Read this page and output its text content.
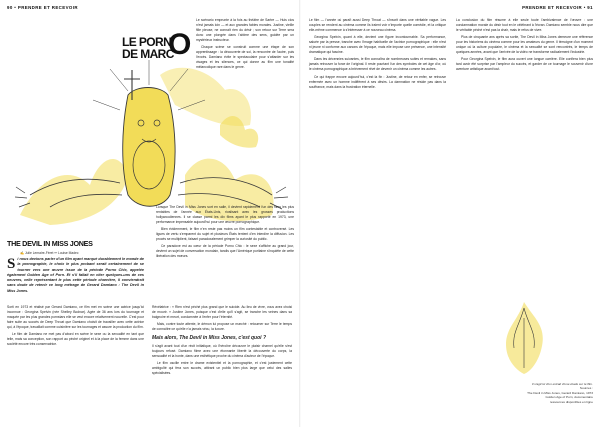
90 • PRENDRE ET RECEVOIR	PRENDRE ET RECEVOIR • 91
LE PORN
DE MARC
O
THE DEVIL IN MISS JONES
✍ Julie Lemaire-Féret ✏ Louise Madec
Si nous devions parler d'un film ayant marqué durablement le monde de la pornographie, le choix le plus probant serait certainement de se tourner vers une œuvre issue de la période Porno Chic, appelée également Golden Age of Porn. Et s'il fallait en citer quelques-uns de ces oeuvres, celle représentant le plus cette période charnière, il conviendrait sans doute de retenir ce long métrage de Gerard Damiano : The Devil in Miss Jones.

Sorti en 1973 et réalisé par Gerard Damiano, ce film met en scène une actrice jusqu'ici inconnue : Georgina Spelvin (née Shelley Bodnar). Agée de 36 ans lors du tournage et maquée par les plus grandes pornstars elle se veut encore relativement nouvelle. C'est pour faire suite au succès de Deep Throat que Damiano choisit de travailler avec cette actrice qui, à l'époque, travaillait comme cuisinière sur les tournages et assure la production du film.

Le film de Damiano ne met pas d'abord en scène le sexe ou la sexualité en tant que telle, mais sa conception, son rapport au péché originel et à la place de la femme dans une société encore très conservatrice.

Révélatrice : « Rien n'est péché plus grand que le suicide. Au lieu de vivre, vous avez choisi de mourir. » Justine Jones, puisque c'est d'elle qu'il s'agit, se tranche les veines dans sa baignoire et meurt, condamnée à l'enfer pour l'éternité.

Mais, contre toute attente, le démon lui propose un marché : retourner sur Terre le temps de connaître ce qu'elle n'a jamais vécu, la luxure.

Mais alors, The Devil in Miss Jones, c'est quoi ?

Il s'agit avant tout d'un récit initiatique, où l'héroïne découvre le plaisir charnel qu'elle s'est toujours refusé. Damiano filme avec une étonnante liberté la découverte du corps, la sensualité et la honte, dans une esthétique proche du cinéma d'auteur de l'époque.

Le film oscille entre le drame existentiel et la pornographie, et c'est justement cette ambiguïté qui fera son succès, attirant un public bien plus large que celui des salles spécialisées.

Le scénario emprunte à la fois au théâtre de Sartre — Huis clos n'est jamais loin — et aux grandes fables morales. Justine, vieille fille pieuse, ne connaît rien du désir ; son retour sur Terre sera donc une plongée dans l'abîme des sens, guidée par un mystérieux instructeur.

Chaque scène se construit comme une étape de son apprentissage : la découverte de soi, la rencontre de l'autre, puis l'excès. Damiano évite le spectaculaire pour s'attarder sur les visages et les silences, ce qui donne au film une tonalité mélancolique rare dans le genre.

Lorsque The Devil in Miss Jones sort en salle, il devient rapidement l'un des films les plus rentables de l'année aux États-Unis, rivalisant avec les grosses productions hollywoodiennes. Il se classe parmi les dix films ayant le plus rapporté en 1973, une performance impensable aujourd'hui pour une œuvre pornographique.

Bien évidemment, le film n'en reste pas moins un film contestable et controversé. Les ligues de vertu s'emparent du sujet et plusieurs États tentent d'en interdire la diffusion. Les procès se multiplient, faisant paradoxalement grimper la curiosité du public.

Ce paradoxe est au cœur de la période Porno Chic : le sexe s'affiche au grand jour, devient un sujet de conversation mondain, tandis que l'Amérique puritaine s'inquiète de cette libération des mœurs.

Le film — l'année où paraît aussi Deep Throat — s'inscrit dans une véritable vague. Les couples se rendent au cinéma comme ils iraient voir n'importe quelle comédie, et la critique elle-même commence à s'intéresser à ce nouveau cinéma.

Georgina Spelvin, quant à elle, devient une figure incontournable. Sa performance, saluée par la presse, tranche avec l'image habituelle de l'actrice pornographique : elle n'est ni jeune ni conforme aux canons de l'époque, mais elle impose une présence, une intensité dramatique qui fascine.

Dans les décennies suivantes, le film connaîtra de nombreuses suites et remakes, sans jamais retrouver la force de l'original. Il reste pourtant l'un des symboles de cet âge d'or, où le cinéma pornographique a brièvement rêvé de devenir un cinéma comme les autres.

Ce qui frappe encore aujourd'hui, c'est la fin : Justine, de retour en enfer, se retrouve enfermée avec un homme indifférent à ses désirs. La damnation ne réside pas dans la souffrance, mais dans la frustration éternelle.

La conclusion du film résume à elle seule toute l'ambivalence de l'œuvre : une condamnation morale du désir tout en le célébrant à l'écran. Damiano semble nous dire que le véritable péché n'est pas la chair, mais le refus de vivre.

Plus de cinquante ans après sa sortie, The Devil in Miss Jones demeure une référence pour les historiens du cinéma comme pour les amateurs du genre. Il témoigne d'un moment unique où la culture populaire, le cinéma et la sexualité se sont rencontrés, le temps de quelques années, avant que l'arrivée de la vidéo ne transforme radicalement l'industrie.

Pour Georgina Spelvin, le film aura ouvert une longue carrière. Elle confiera bien plus tard avoir été surprise par l'ampleur du succès, et garder de ce tournage le souvenir d'une aventure artistique avant tout.

Il s'agit ici d'un extrait d'une étude sur le film.
Sources :
The Devil in Miss Jones, Gerard Damiano, 1973
Golden Age of Porn, documentaire
ressources disponibles en ligne
